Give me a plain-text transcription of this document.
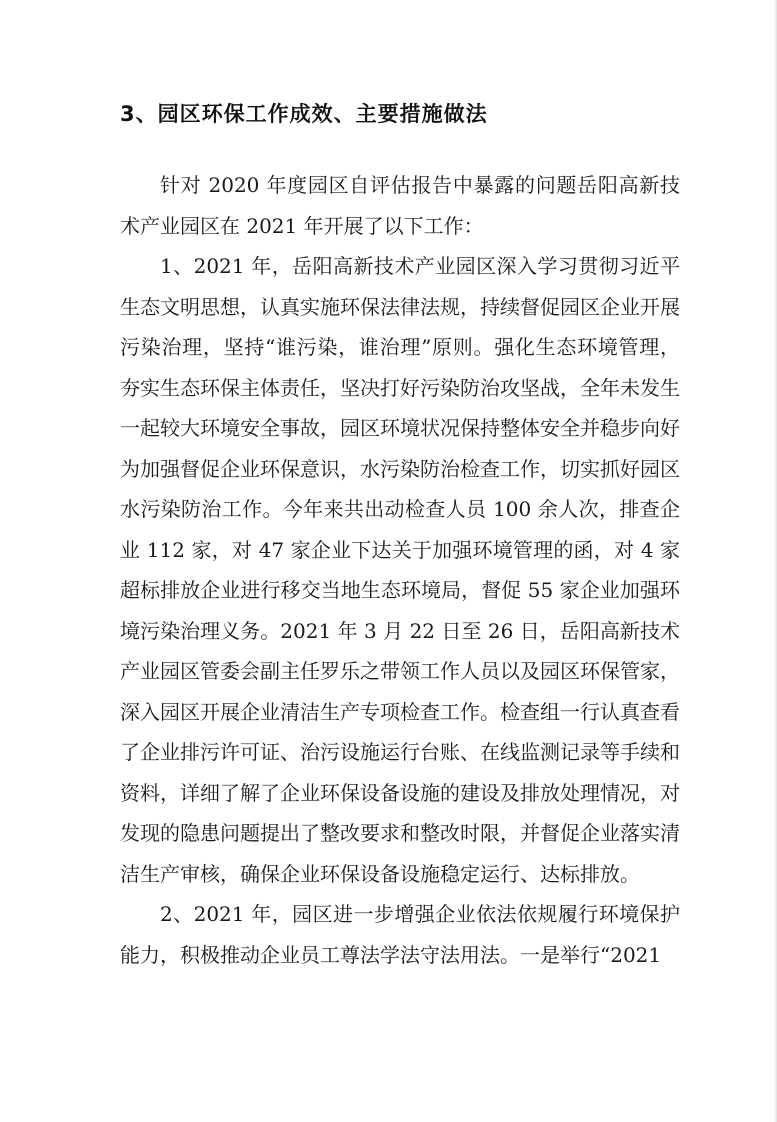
3、园区环保工作成效、主要措施做法

针对 2020 年度园区自评估报告中暴露的问题岳阳高新技术产业园区在 2021 年开展了以下工作：

1、2021 年，岳阳高新技术产业园区深入学习贯彻习近平生态文明思想，认真实施环保法律法规，持续督促园区企业开展污染治理，坚持“谁污染，谁治理”原则。强化生态环境管理，夯实生态环保主体责任，坚决打好污染防治攻坚战，全年未发生一起较大环境安全事故，园区环境状况保持整体安全并稳步向好为加强督促企业环保意识，水污染防治检查工作，切实抓好园区水污染防治工作。今年来共出动检查人员 100 余人次，排查企业 112 家，对 47 家企业下达关于加强环境管理的函，对 4 家超标排放企业进行移交当地生态环境局，督促 55 家企业加强环境污染治理义务。2021 年 3 月 22 日至 26 日，岳阳高新技术产业园区管委会副主任罗乐之带领工作人员以及园区环保管家，深入园区开展企业清洁生产专项检查工作。检查组一行认真查看了企业排污许可证、治污设施运行台账、在线监测记录等手续和资料，详细了解了企业环保设备设施的建设及排放处理情况，对发现的隐患问题提出了整改要求和整改时限，并督促企业落实清洁生产审核，确保企业环保设备设施稳定运行、达标排放。

2、2021 年，园区进一步增强企业依法依规履行环境保护能力，积极推动企业员工尊法学法守法用法。一是举行“2021
